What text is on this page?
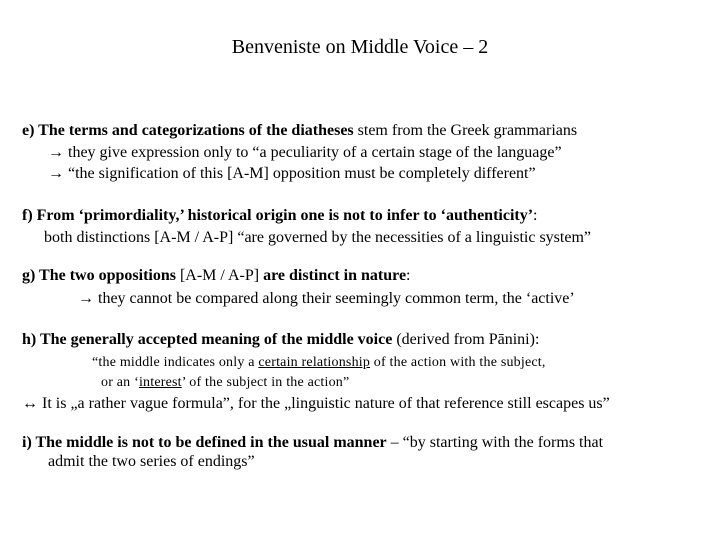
Benveniste on Middle Voice – 2
e) The terms and categorizations of the diatheses stem from the Greek grammarians
→ they give expression only to “a peculiarity of a certain stage of the language”
→ “the signification of this [A-M] opposition must be completely different”
f) From ‘primordiality,’ historical origin one is not to infer to ‘authenticity’:
both distinctions [A-M / A-P] “are governed by the necessities of a linguistic system”
g) The two oppositions [A-M / A-P] are distinct in nature:
→ they cannot be compared along their seemingly common term, the ‘active’
h) The generally accepted meaning of the middle voice (derived from Pānini):
“the middle indicates only a certain relationship of the action with the subject,
or an ‘interest’ of the subject in the action”
↔ It is „a rather vague formula”, for the „linguistic nature of that reference still escapes us”
i) The middle is not to be defined in the usual manner – “by starting with the forms that
admit the two series of endings”
